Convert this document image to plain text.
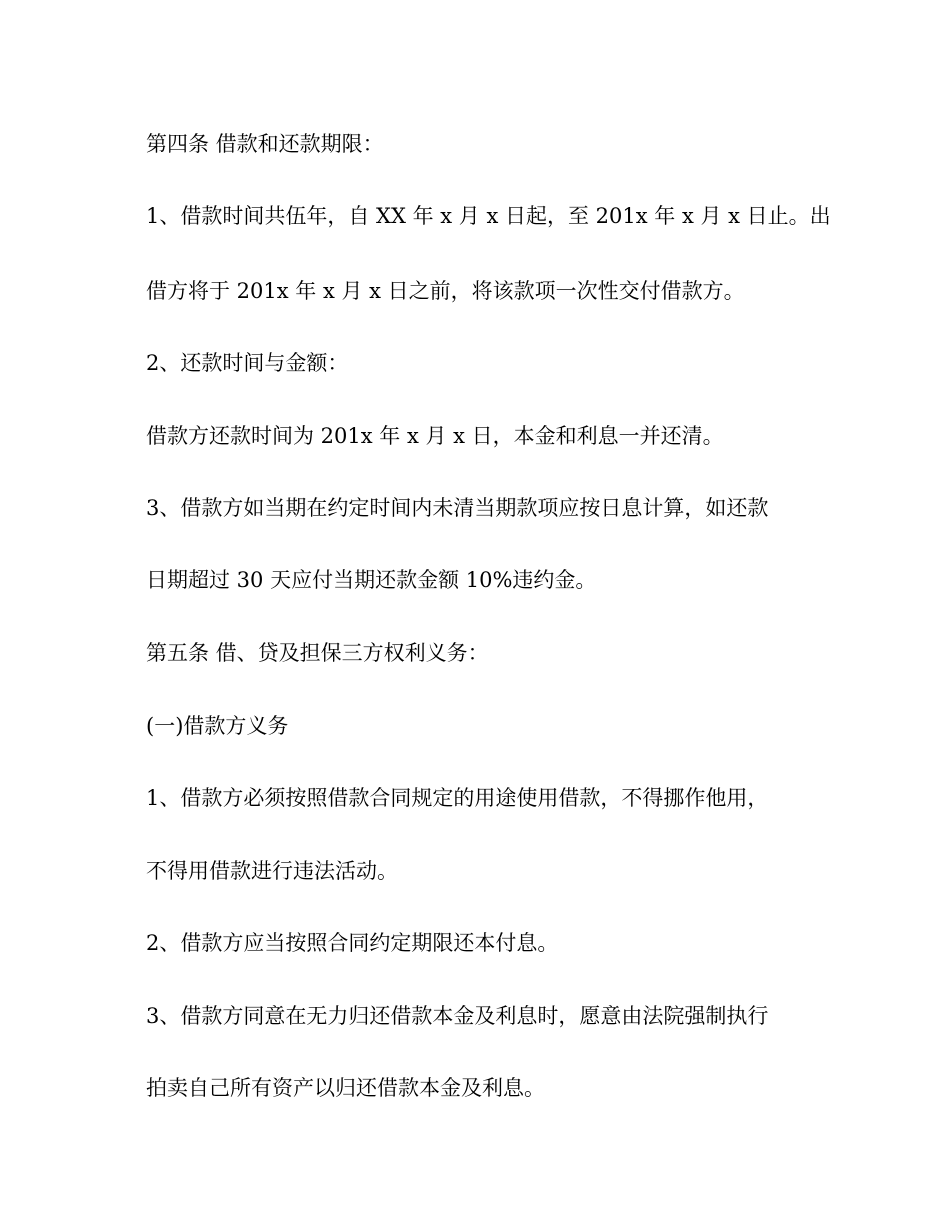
第四条 借款和还款期限：
1、借款时间共伍年，自 XX 年 x 月 x 日起，至 201x 年 x 月 x 日止。出
借方将于 201x 年 x 月 x 日之前，将该款项一次性交付借款方。
2、还款时间与金额：
借款方还款时间为 201x 年 x 月 x 日，本金和利息一并还清。
3、借款方如当期在约定时间内未清当期款项应按日息计算，如还款
日期超过 30 天应付当期还款金额 10%违约金。
第五条 借、贷及担保三方权利义务：
(一)借款方义务
1、借款方必须按照借款合同规定的用途使用借款，不得挪作他用，
不得用借款进行违法活动。
2、借款方应当按照合同约定期限还本付息。
3、借款方同意在无力归还借款本金及利息时，愿意由法院强制执行
拍卖自己所有资产以归还借款本金及利息。
